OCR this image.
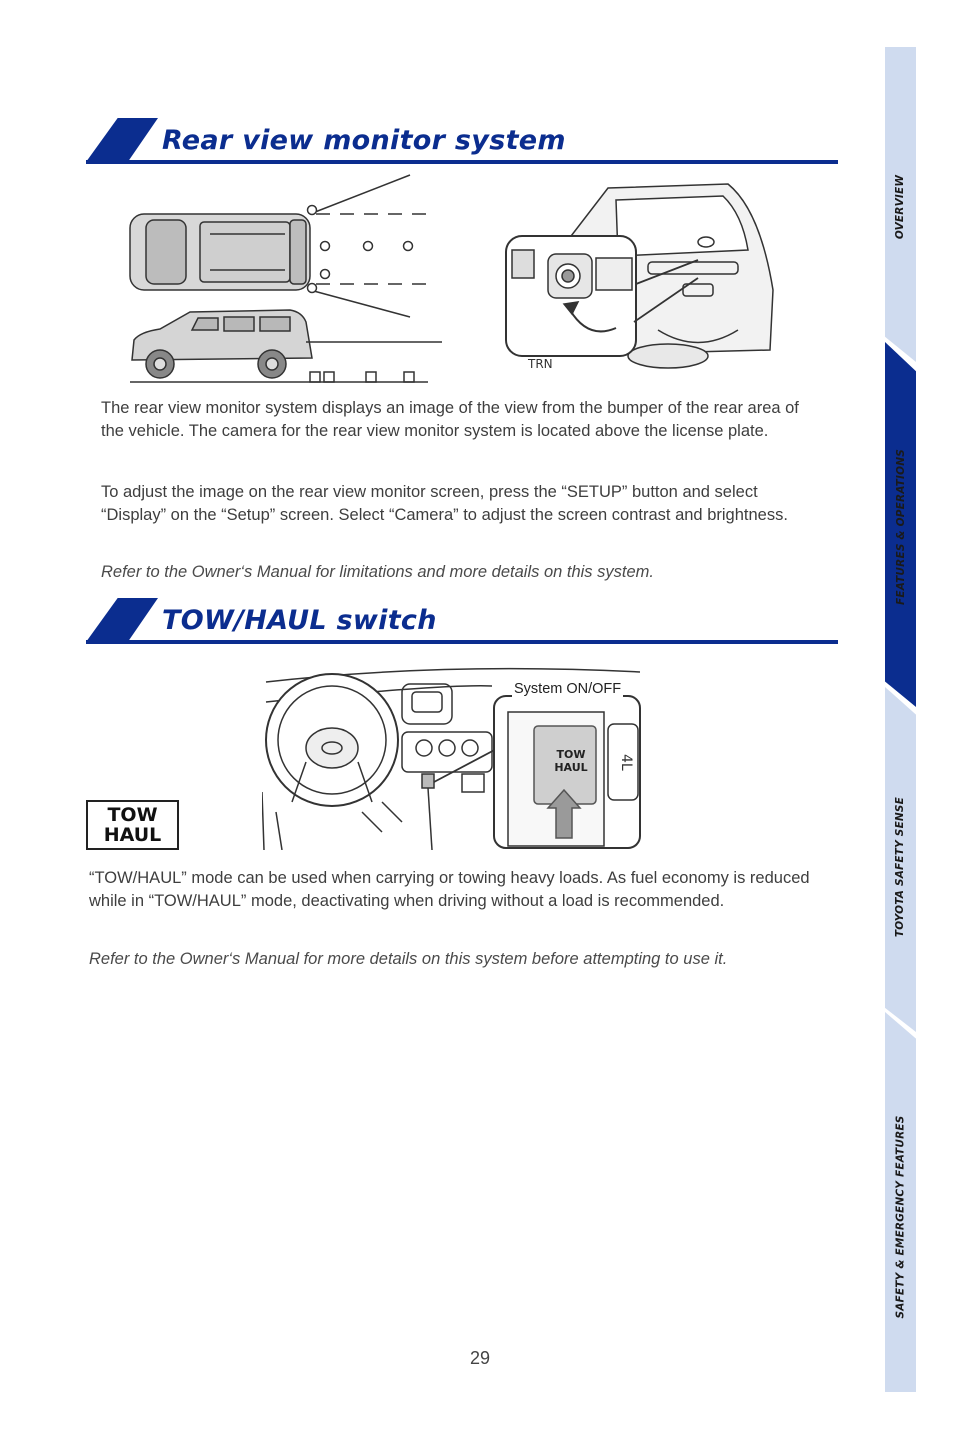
Rear view monitor system
TRN

The rear view monitor system displays an image of the view from the bumper of the rear area of the vehicle. The camera for the rear view monitor system is located above the license plate.

To adjust the image on the rear view monitor screen, press the “SETUP” button and select “Display” on the “Setup” screen. Select “Camera” to adjust the screen contrast and brightness.

Refer to the Owner‘s Manual for limitations and more details on this system.

TOW/HAUL switch
4L
TOW
HAUL
System ON/OFF
TOW
HAUL

“TOW/HAUL” mode can be used when carrying or towing heavy loads. As fuel economy is reduced while in “TOW/HAUL” mode, deactivating when driving without a load is recommended.

Refer to the Owner‘s Manual for more details on this system before attempting to use it.

OVERVIEW
FEATURES & OPERATIONS
TOYOTA SAFETY SENSE
SAFETY & EMERGENCY FEATURES
29
